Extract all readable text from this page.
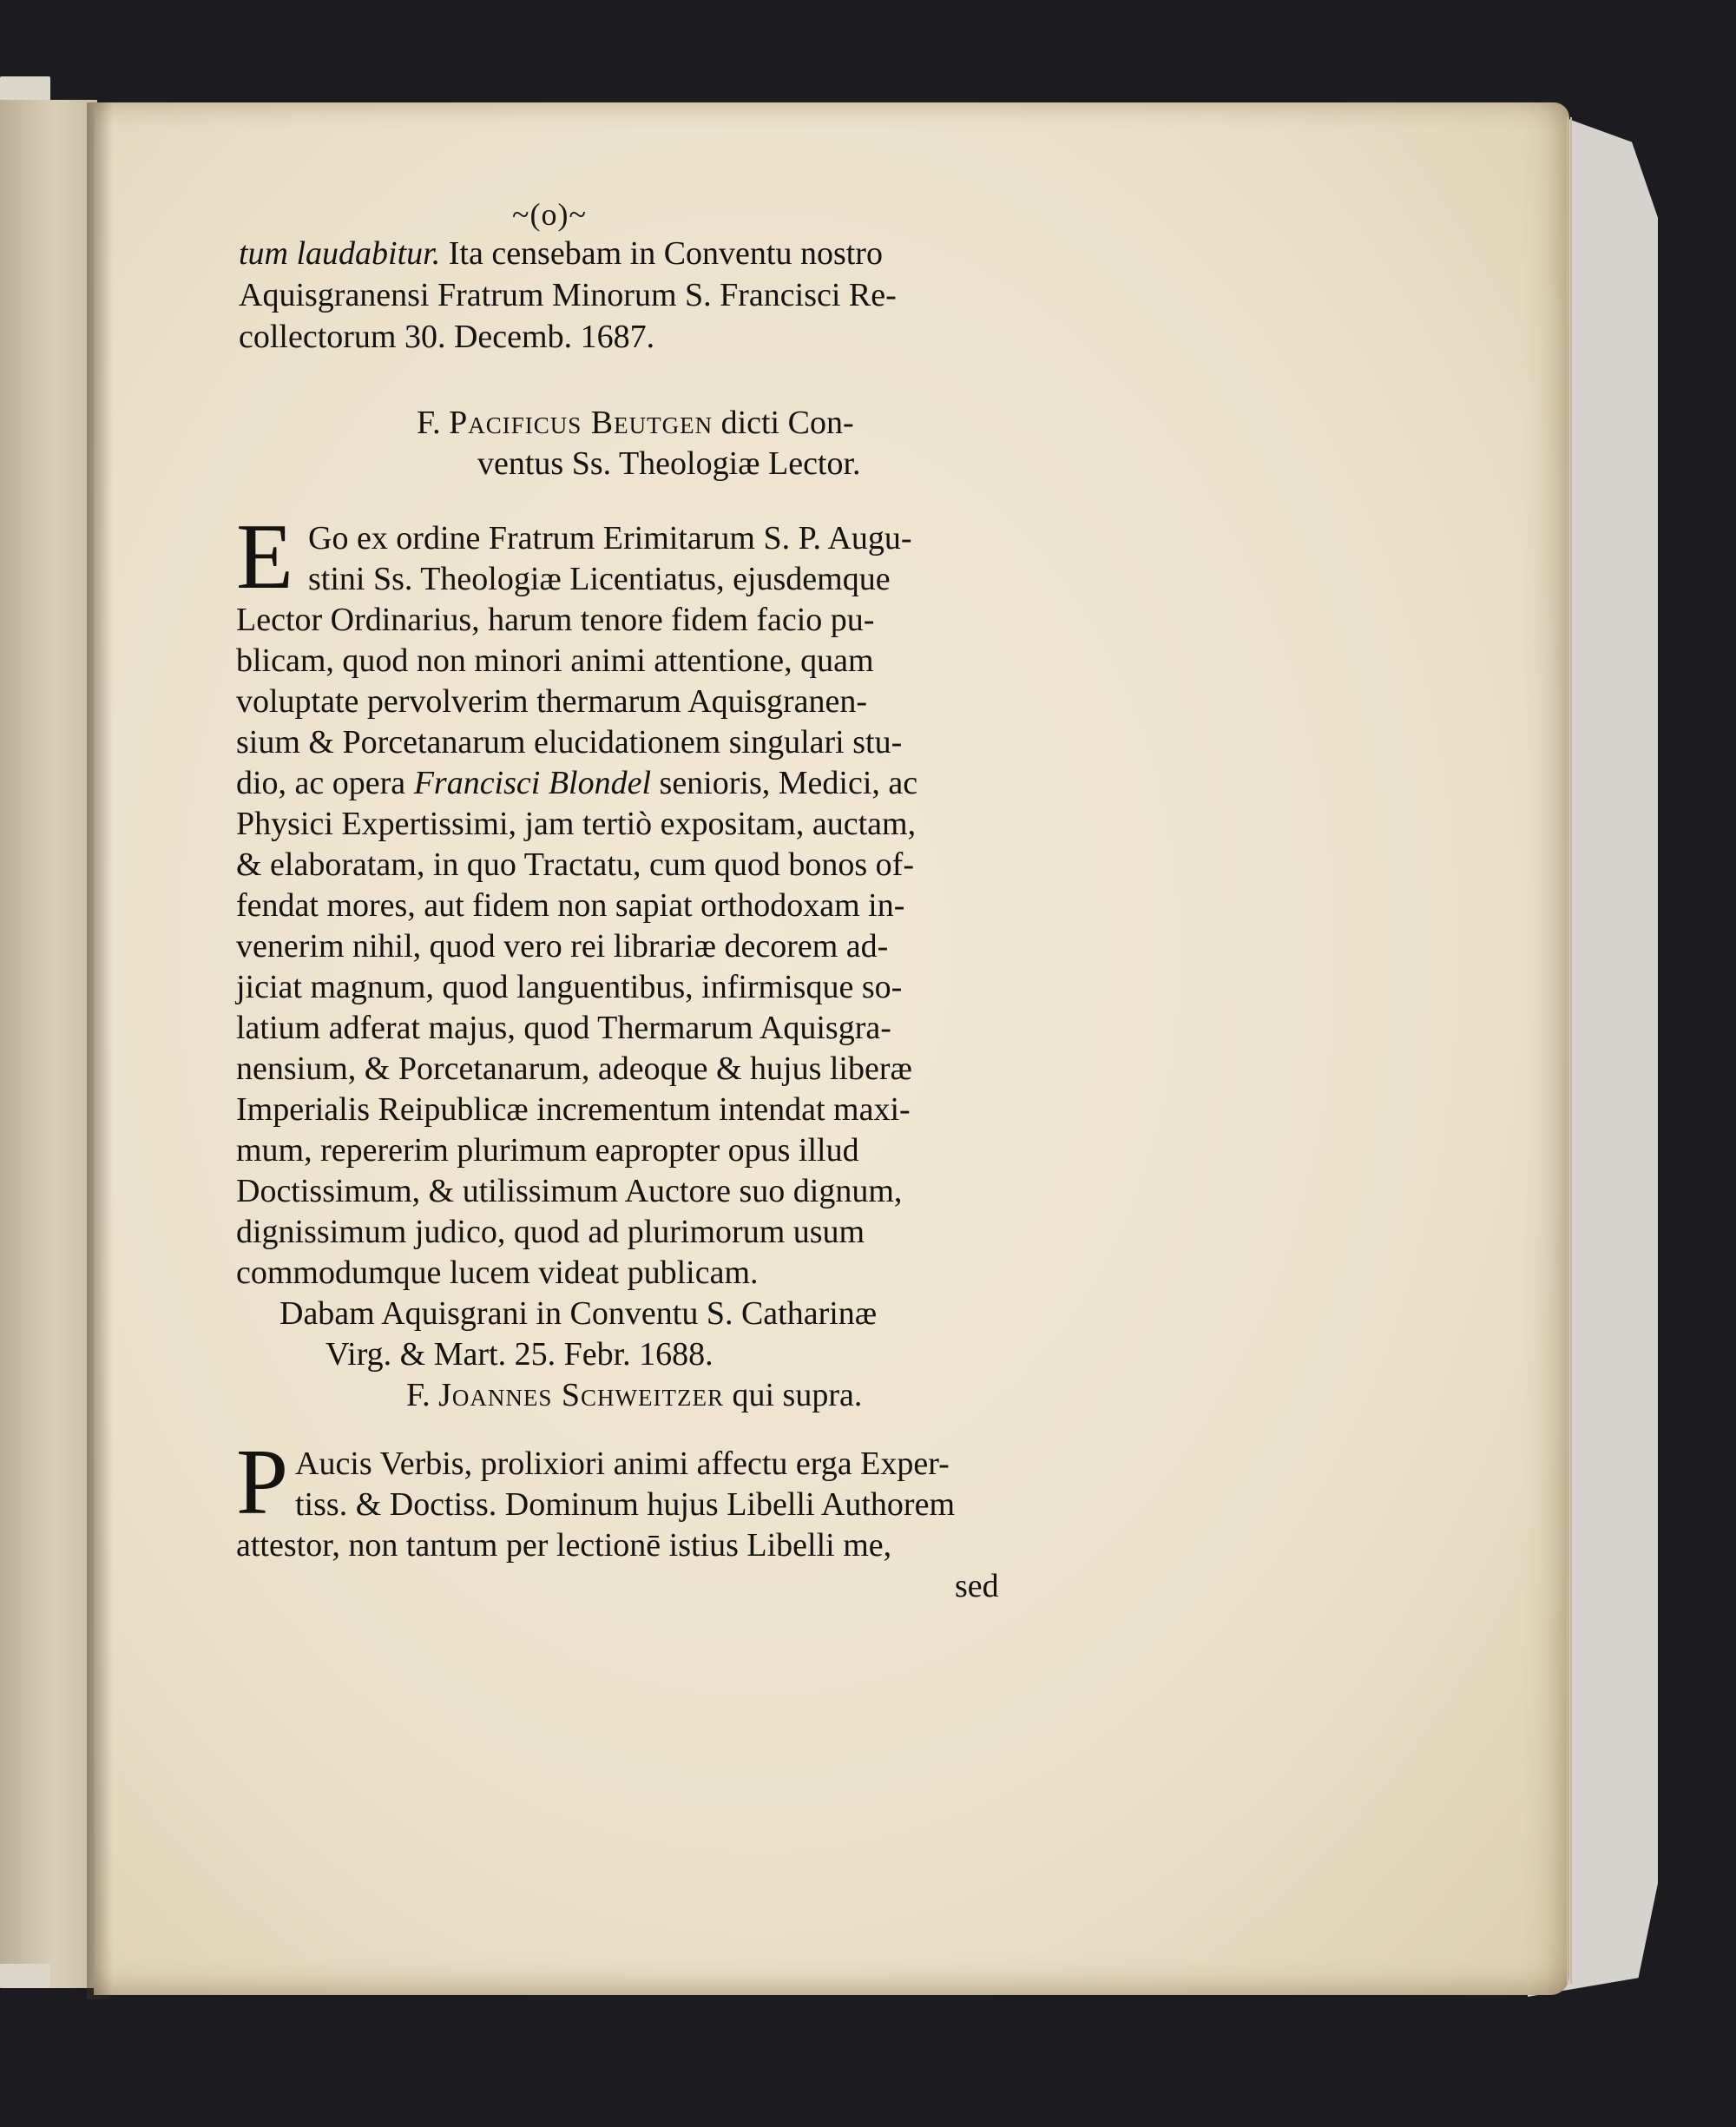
~(o)~
tum laudabitur. Ita censebam in Conventu nostro
Aquisgranensi Fratrum Minorum S. Francisci Re-
collectorum 30. Decemb. 1687.
F. Pacificus Beutgen dicti Con-
ventus Ss. Theologiæ Lector.
E Go ex ordine Fratrum Erimitarum S. P. Augu-
stini Ss. Theologiæ Licentiatus, ejusdemque
Lector Ordinarius, harum tenore fidem facio pu-
blicam, quod non minori animi attentione, quam
voluptate pervolverim thermarum Aquisgranen-
sium & Porcetanarum elucidationem singulari stu-
dio, ac opera Francisci Blondel senioris, Medici, ac
Physici Expertissimi, jam tertiò expositam, auctam,
& elaboratam, in quo Tractatu, cum quod bonos of-
fendat mores, aut fidem non sapiat orthodoxam in-
venerim nihil, quod vero rei librariæ decorem ad-
jiciat magnum, quod languentibus, infirmisque so-
latium adferat majus, quod Thermarum Aquisgra-
nensium, & Porcetanarum, adeoque & hujus liberæ
Imperialis Reipublicæ incrementum intendat maxi-
mum, repererim plurimum eapropter opus illud
Doctissimum, & utilissimum Auctore suo dignum,
dignissimum judico, quod ad plurimorum usum
commodumque lucem videat publicam.
Dabam Aquisgrani in Conventu S. Catharinæ
Virg. & Mart. 25. Febr. 1688.
F. Joannes Schweitzer qui supra.
P Aucis Verbis, prolixiori animi affectu erga Exper-
tiss. & Doctiss. Dominum hujus Libelli Authorem
attestor, non tantum per lectionē istius Libelli me,
sed
